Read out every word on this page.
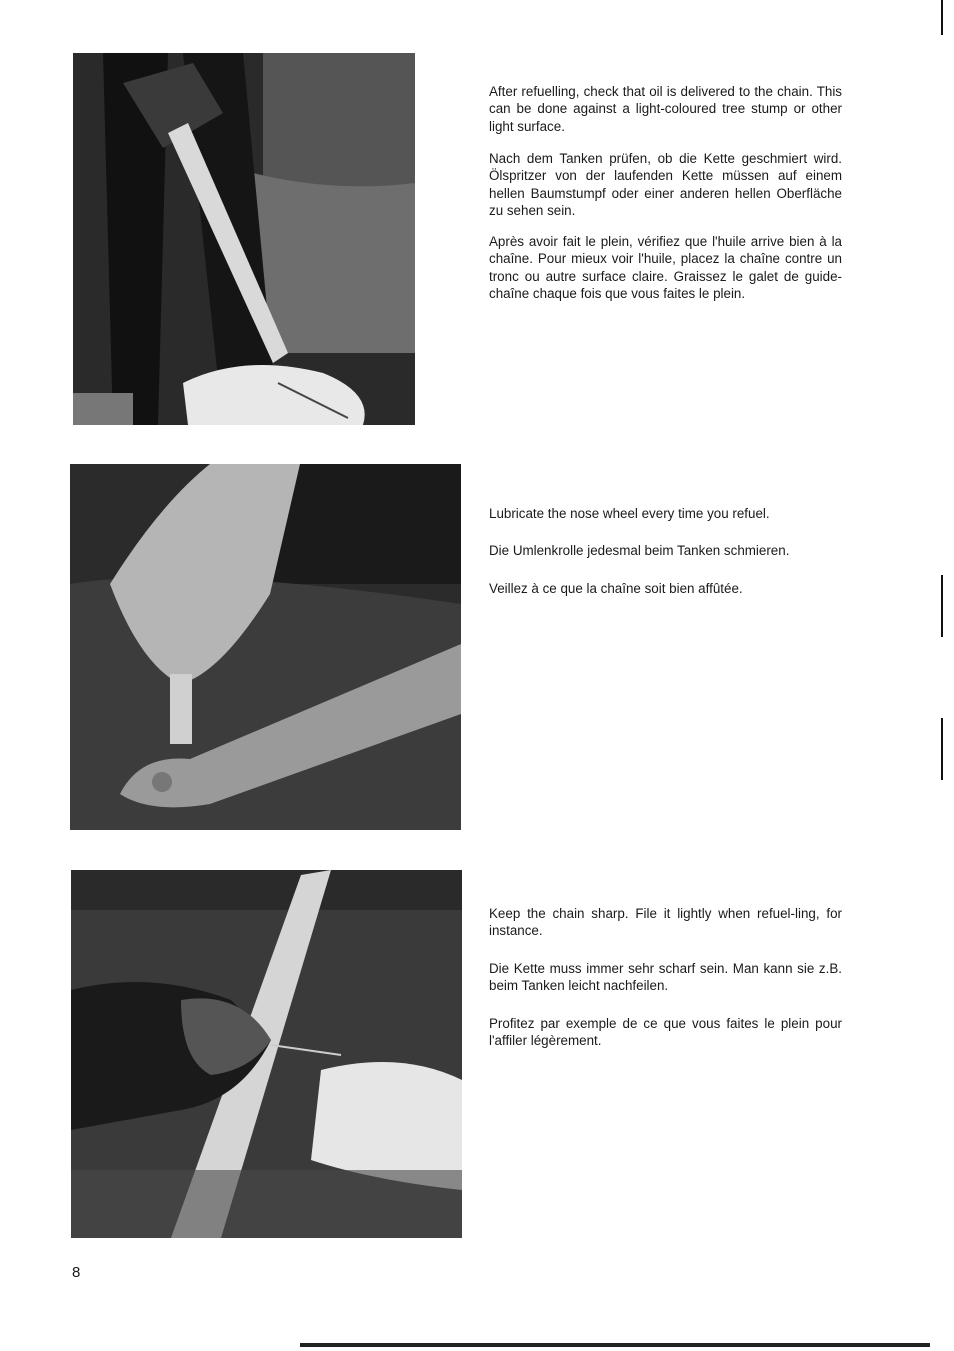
After refuelling, check that oil is delivered to the chain. This can be done against a light-coloured tree stump or other light surface.

Nach dem Tanken prüfen, ob die Kette geschmiert wird. Ölspritzer von der laufenden Kette müssen auf einem hellen Baumstumpf oder einer anderen hellen Oberfläche zu sehen sein.

Après avoir fait le plein, vérifiez que l'huile arrive bien à la chaîne. Pour mieux voir l'huile, placez la chaîne contre un tronc ou autre surface claire. Graissez le galet de guide-chaîne chaque fois que vous faites le plein.

Lubricate the nose wheel every time you refuel.

Die Umlenkrolle jedesmal beim Tanken schmieren.

Veillez à ce que la chaîne soit bien affûtée.

Keep the chain sharp. File it lightly when refuel-ling, for instance.

Die Kette muss immer sehr scharf sein. Man kann sie z.B. beim Tanken leicht nachfeilen.

Profitez par exemple de ce que vous faites le plein pour l'affiler légèrement.

8
